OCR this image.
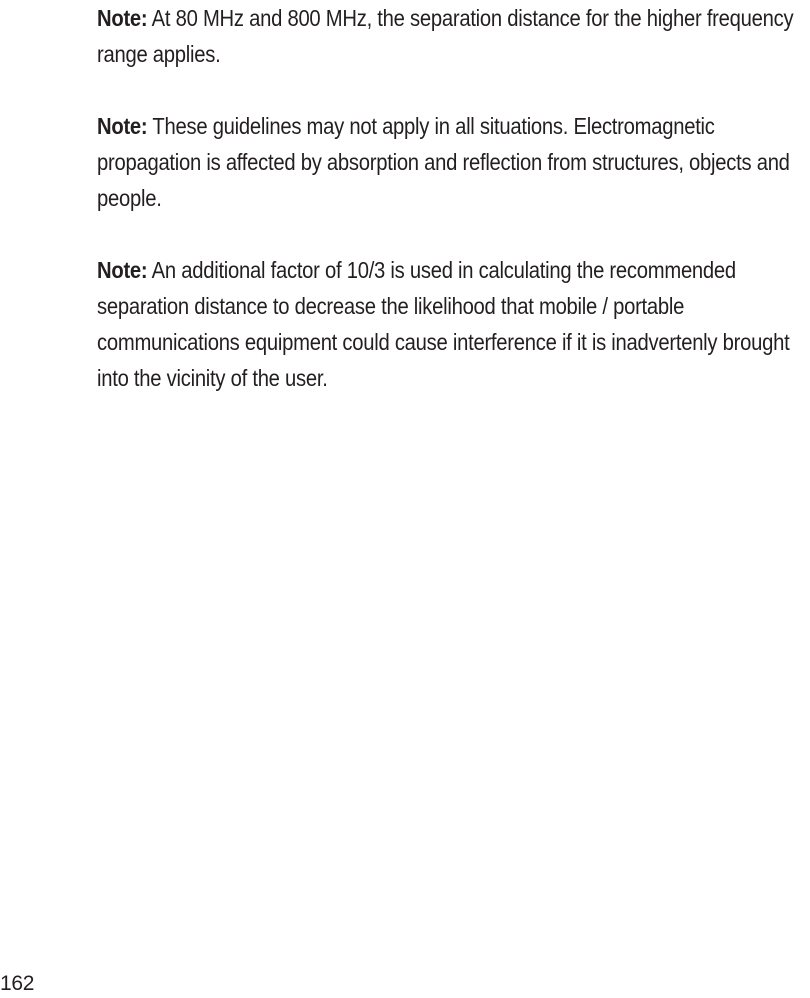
Note: At 80 MHz and 800 MHz, the separation distance for the higher frequency range applies.

Note: These guidelines may not apply in all situations. Electromagnetic propagation is affected by absorption and reflection from structures, objects and people.

Note: An additional factor of 10/3 is used in calculating the recommended separation distance to decrease the likelihood that mobile / portable communications equipment could cause interference if it is inadvertenly brought into the vicinity of the user.

162
